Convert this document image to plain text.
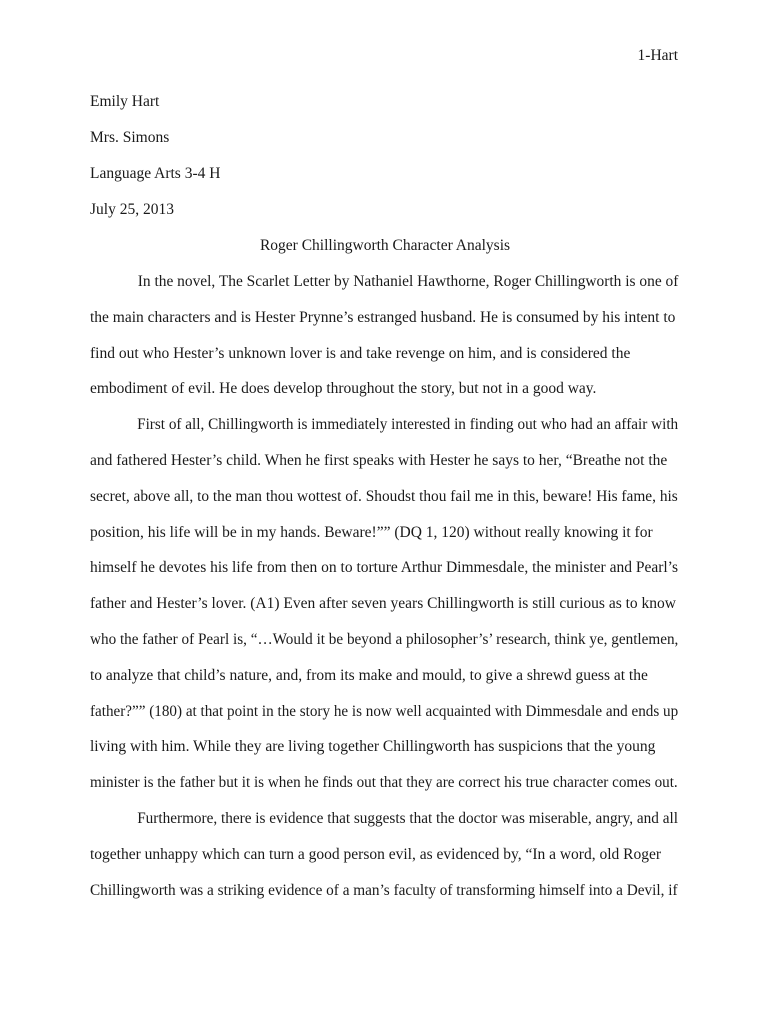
1-Hart
Emily Hart
Mrs. Simons
Language Arts 3-4 H
July 25, 2013
Roger Chillingworth Character Analysis
In the novel, The Scarlet Letter by Nathaniel Hawthorne, Roger Chillingworth is one of
the main characters and is Hester Prynne’s estranged husband. He is consumed by his intent to
find out who Hester’s unknown lover is and take revenge on him, and is considered the
embodiment of evil. He does develop throughout the story, but not in a good way.
First of all, Chillingworth is immediately interested in finding out who had an affair with
and fathered Hester’s child. When he first speaks with Hester he says to her, “Breathe not the
secret, above all, to the man thou wottest of. Shoudst thou fail me in this, beware! His fame, his
position, his life will be in my hands. Beware!”” (DQ 1, 120) without really knowing it for
himself he devotes his life from then on to torture Arthur Dimmesdale, the minister and Pearl’s
father and Hester’s lover. (A1) Even after seven years Chillingworth is still curious as to know
who the father of Pearl is, “…Would it be beyond a philosopher’s’ research, think ye, gentlemen,
to analyze that child’s nature, and, from its make and mould, to give a shrewd guess at the
father?”” (180) at that point in the story he is now well acquainted with Dimmesdale and ends up
living with him. While they are living together Chillingworth has suspicions that the young
minister is the father but it is when he finds out that they are correct his true character comes out.
Furthermore, there is evidence that suggests that the doctor was miserable, angry, and all
together unhappy which can turn a good person evil, as evidenced by, “In a word, old Roger
Chillingworth was a striking evidence of a man’s faculty of transforming himself into a Devil, if
